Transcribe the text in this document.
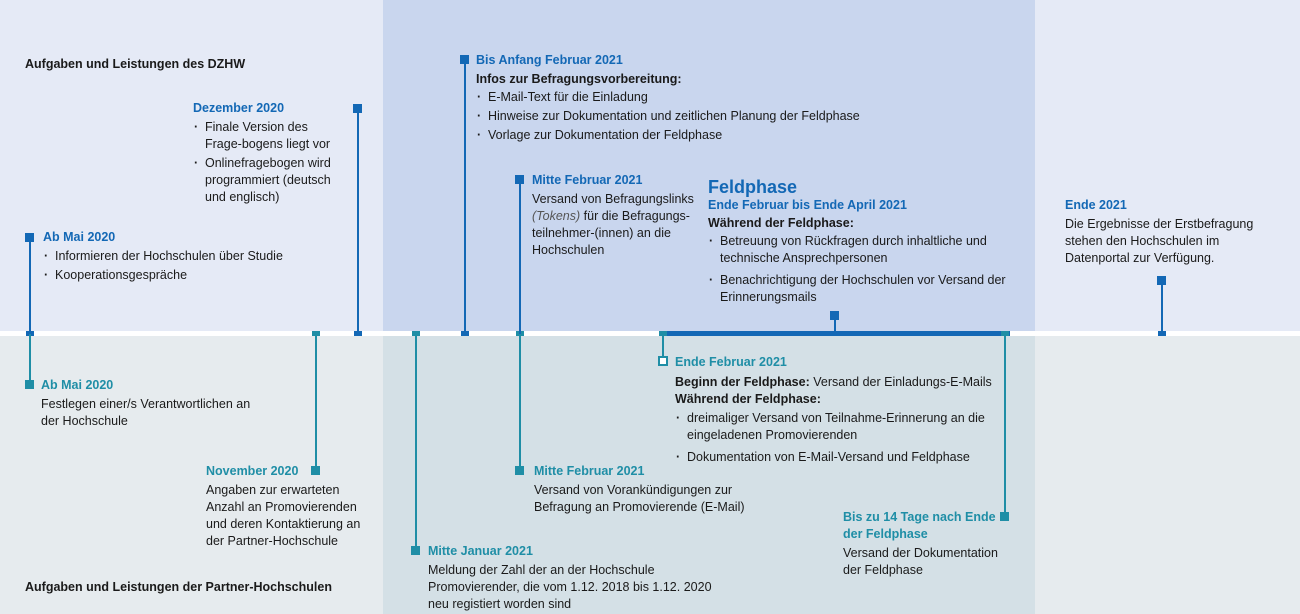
Aufgaben und Leistungen des DZHW
Aufgaben und Leistungen der Partner-Hochschulen

Ab Mai 2020

· Informieren der Hochschulen über Studie
· Kooperationsgespräche

Dezember 2020

· Finale Version des Frage-bogens liegt vor
· Onlinefragebogen wird programmiert (deutsch und englisch)

Bis Anfang Februar 2021

Infos zur Befragungsvorbereitung:

· E-Mail-Text für die Einladung
· Hinweise zur Dokumentation und zeitlichen Planung der Feldphase
· Vorlage zur Dokumentation der Feldphase

Mitte Februar 2021

Versand von Befragungslinks (Tokens) für die Befragungs-teilnehmer-(innen) an die Hochschulen

Feldphase

Ende Februar bis Ende April 2021

Während der Feldphase:

· Betreuung von Rückfragen durch inhaltliche und technische Ansprechpersonen
· Benachrichtigung der Hochschulen vor Versand der Erinnerungsmails

Ende 2021

Die Ergebnisse der Erstbefragung stehen den Hochschulen im Datenportal zur Verfügung.

Ab Mai 2020

Festlegen einer/s Verantwortlichen an der Hochschule

November 2020

Angaben zur erwarteten Anzahl an Promovierenden und deren Kontaktierung an der Partner-Hochschule

Mitte Januar 2021

Meldung der Zahl der an der Hochschule Promovierender, die vom 1.12. 2018 bis 1.12. 2020 neu registiert worden sind

Mitte Februar 2021

Versand von Vorankündigungen zur Befragung an Promovierende (E-Mail)

Ende Februar 2021

Beginn der Feldphase: Versand der Einladungs-E-Mails

Während der Feldphase:

· dreimaliger Versand von Teilnahme-Erinnerung an die eingeladenen Promovierenden
· Dokumentation von E-Mail-Versand und Feldphase

Bis zu 14 Tage nach Ende der Feldphase

Versand der Dokumentation der Feldphase
